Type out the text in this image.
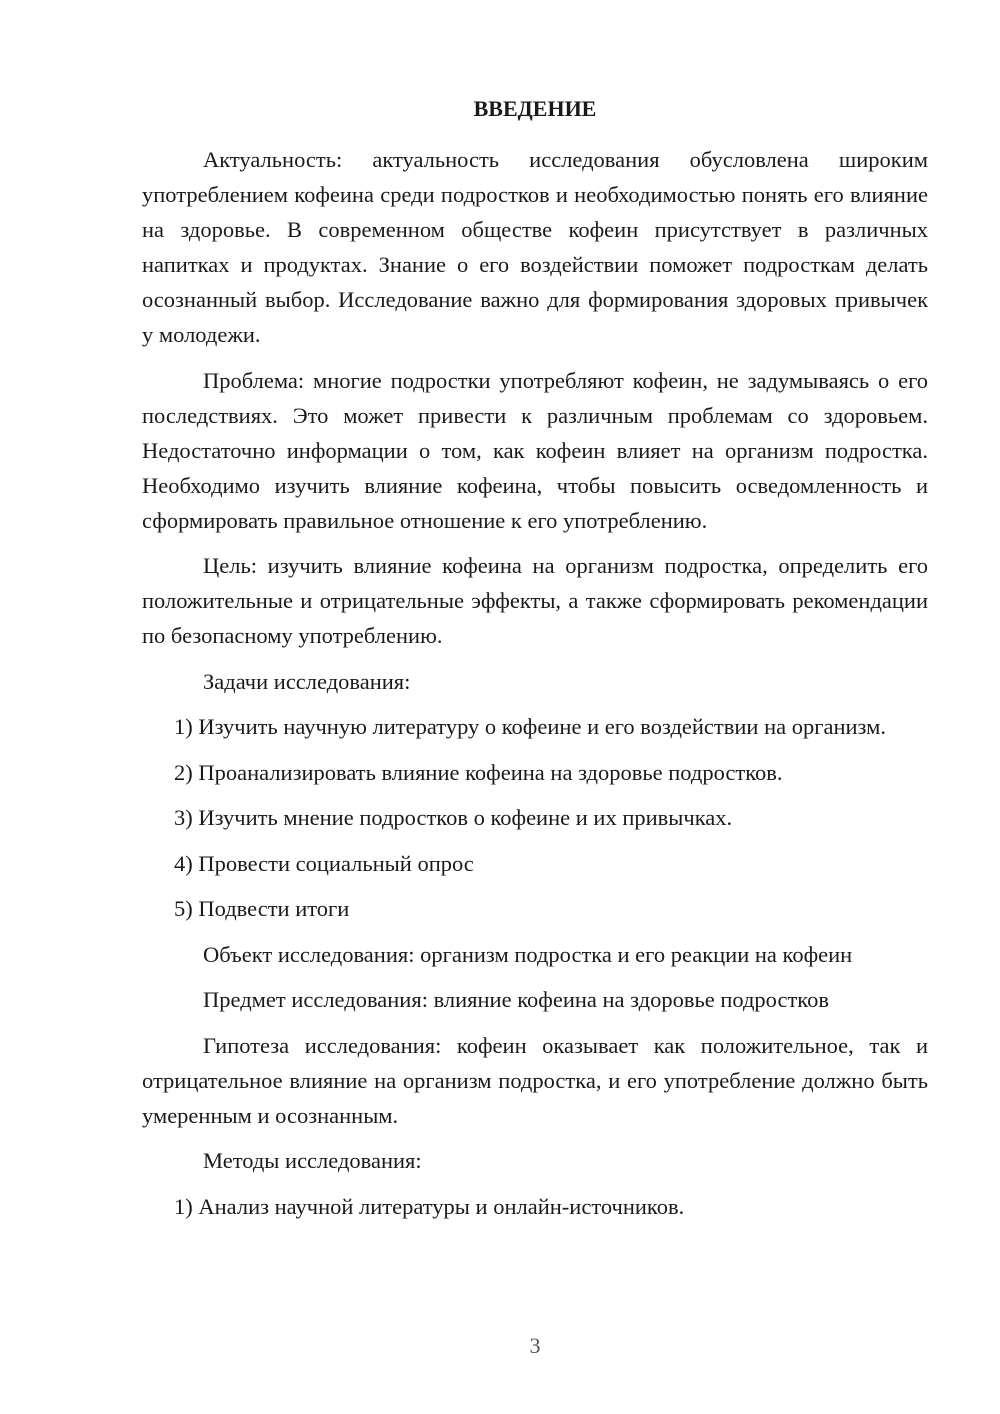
ВВЕДЕНИЕ

Актуальность: актуальность исследования обусловлена широким употреблением кофеина среди подростков и необходимостью понять его влияние на здоровье. В современном обществе кофеин присутствует в различных напитках и продуктах. Знание о его воздействии поможет подросткам делать осознанный выбор. Исследование важно для формирования здоровых привычек у молодежи.

Проблема: многие подростки употребляют кофеин, не задумываясь о его последствиях. Это может привести к различным проблемам со здоровьем. Недостаточно информации о том, как кофеин влияет на организм подростка. Необходимо изучить влияние кофеина, чтобы повысить осведомленность и сформировать правильное отношение к его употреблению.

Цель: изучить влияние кофеина на организм подростка, определить его положительные и отрицательные эффекты, а также сформировать рекомендации по безопасному употреблению.

Задачи исследования:

1) Изучить научную литературу о кофеине и его воздействии на организм.

2) Проанализировать влияние кофеина на здоровье подростков.

3) Изучить мнение подростков о кофеине и их привычках.

4) Провести социальный опрос

5) Подвести итоги

Объект исследования: организм подростка и его реакции на кофеин

Предмет исследования: влияние кофеина на здоровье подростков

Гипотеза исследования: кофеин оказывает как положительное, так и отрицательное влияние на организм подростка, и его употребление должно быть умеренным и осознанным.

Методы исследования:

1) Анализ научной литературы и онлайн-источников.

3
